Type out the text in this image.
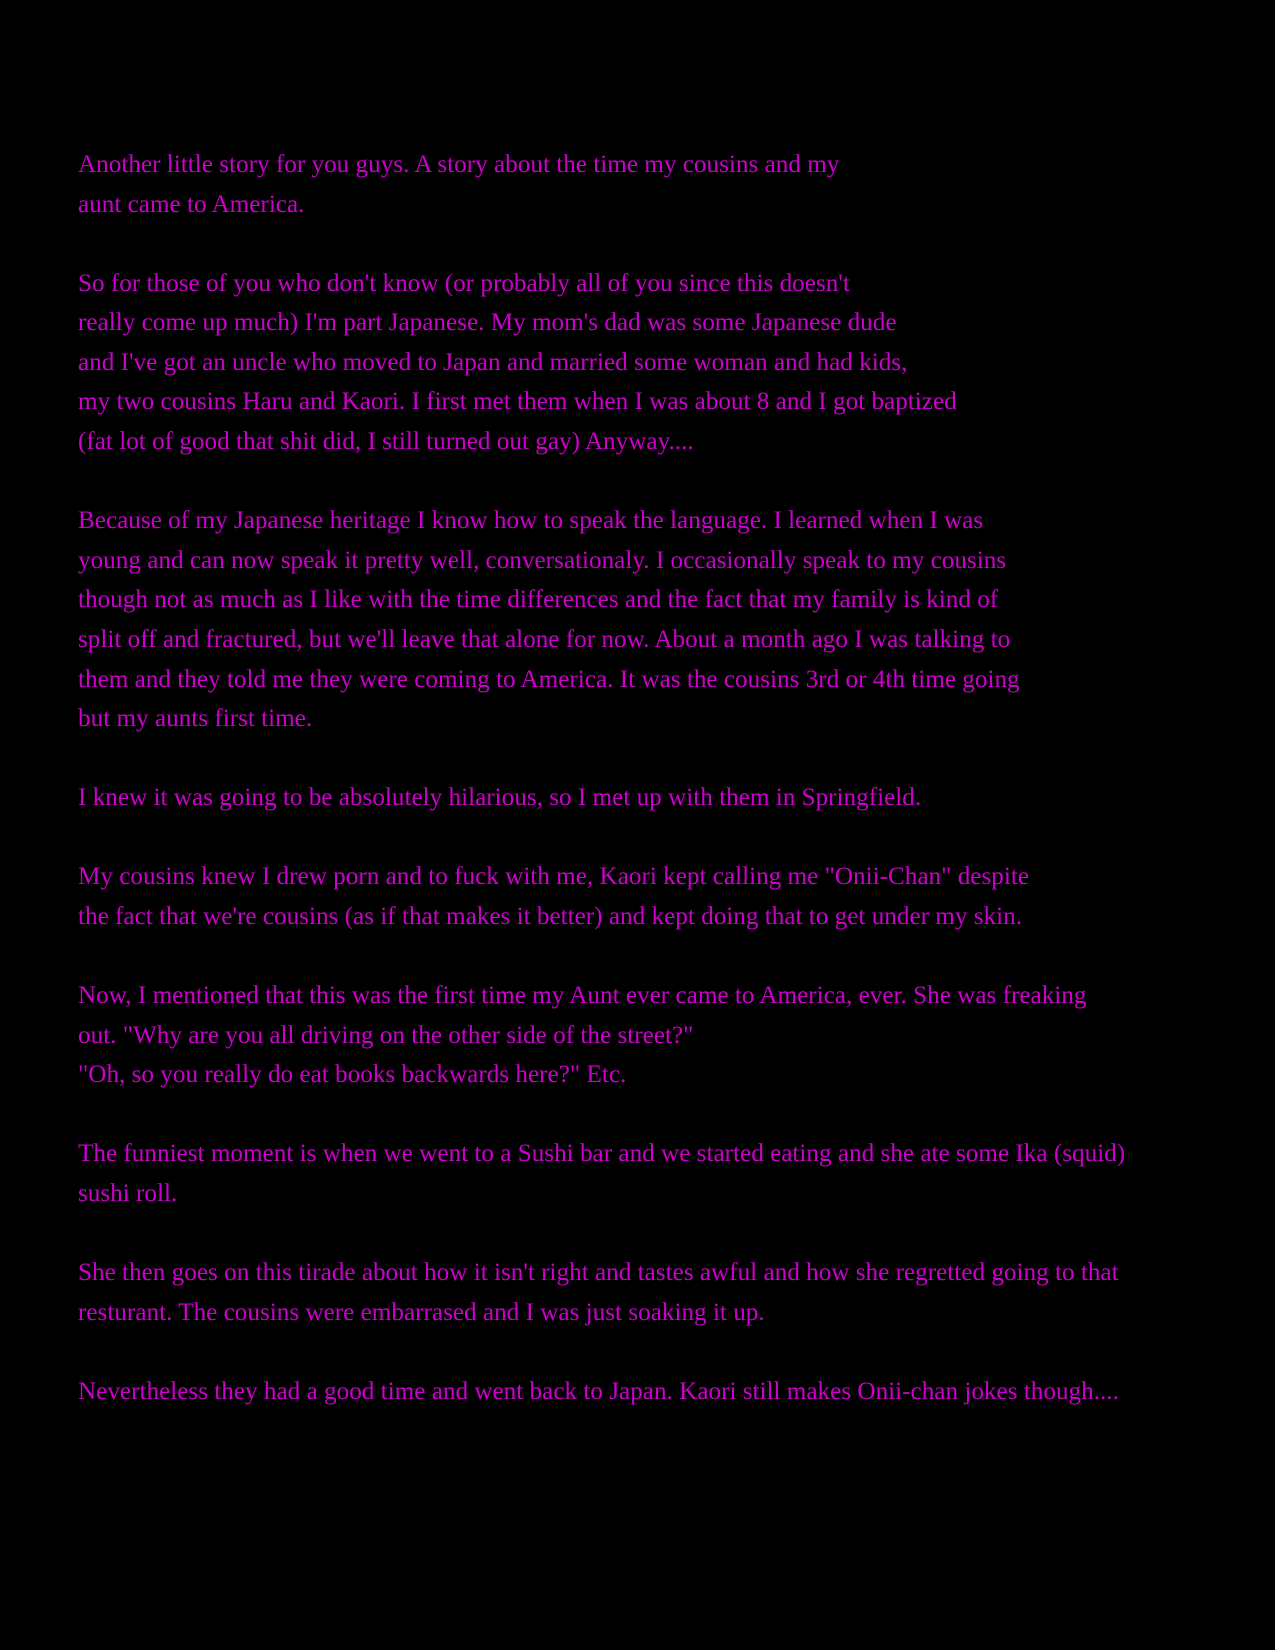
Another little story for you guys. A story about the time my cousins and my
aunt came to America.

So for those of you who don't know (or probably all of you since this doesn't
really come up much) I'm part Japanese. My mom's dad was some Japanese dude
and I've got an uncle who moved to Japan and married some woman and had kids,
my two cousins Haru and Kaori. I first met them when I was about 8 and I got baptized
(fat lot of good that shit did, I still turned out gay) Anyway....

Because of my Japanese heritage I know how to speak the language. I learned when I was
young and can now speak it pretty well, conversationaly. I occasionally speak to my cousins
though not as much as I like with the time differences and the fact that my family is kind of
split off and fractured, but we'll leave that alone for now. About a month ago I was talking to
them and they told me they were coming to America. It was the cousins 3rd or 4th time going
but my aunts first time.

I knew it was going to be absolutely hilarious, so I met up with them in Springfield.

My cousins knew I drew porn and to fuck with me, Kaori kept calling me "Onii-Chan" despite
the fact that we're cousins (as if that makes it better) and kept doing that to get under my skin.

Now, I mentioned that this was the first time my Aunt ever came to America, ever. She was freaking
out. "Why are you all driving on the other side of the street?"
"Oh, so you really do eat books backwards here?" Etc.

The funniest moment is when we went to a Sushi bar and we started eating and she ate some Ika (squid)
sushi roll.

She then goes on this tirade about how it isn't right and tastes awful and how she regretted going to that
resturant. The cousins were embarrased and I was just soaking it up.

Nevertheless they had a good time and went back to Japan. Kaori still makes Onii-chan jokes though....
